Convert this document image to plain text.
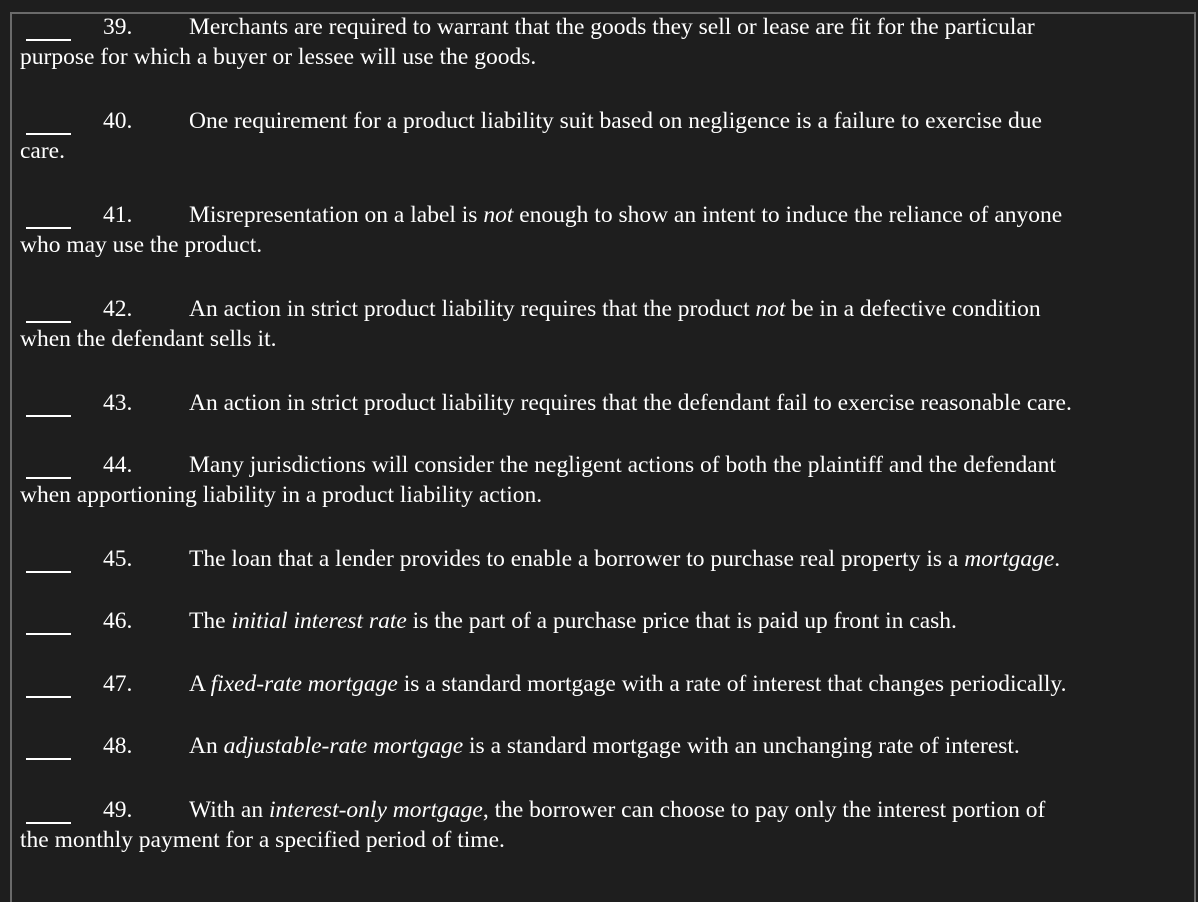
39. Merchants are required to warrant that the goods they sell or lease are fit for the particular
purpose for which a buyer or lessee will use the goods.
40. One requirement for a product liability suit based on negligence is a failure to exercise due
care.
41. Misrepresentation on a label is not enough to show an intent to induce the reliance of anyone
who may use the product.
42. An action in strict product liability requires that the product not be in a defective condition
when the defendant sells it.
43. An action in strict product liability requires that the defendant fail to exercise reasonable care.
44. Many jurisdictions will consider the negligent actions of both the plaintiff and the defendant
when apportioning liability in a product liability action.
45. The loan that a lender provides to enable a borrower to purchase real property is a mortgage.
46. The initial interest rate is the part of a purchase price that is paid up front in cash.
47. A fixed-rate mortgage is a standard mortgage with a rate of interest that changes periodically.
48. An adjustable-rate mortgage is a standard mortgage with an unchanging rate of interest.
49. With an interest-only mortgage, the borrower can choose to pay only the interest portion of
the monthly payment for a specified period of time.
